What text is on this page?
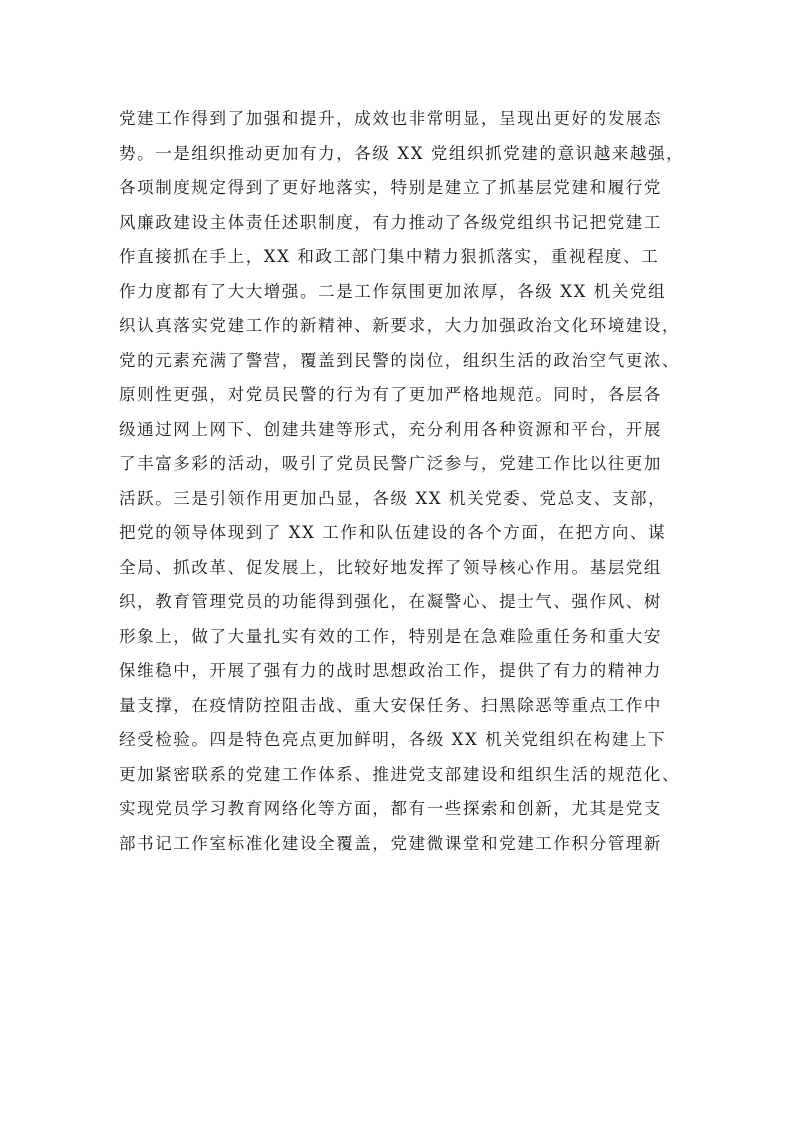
党建工作得到了加强和提升，成效也非常明显，呈现出更好的发展态
势。一是组织推动更加有力，各级 XX 党组织抓党建的意识越来越强，
各项制度规定得到了更好地落实，特别是建立了抓基层党建和履行党
风廉政建设主体责任述职制度，有力推动了各级党组织书记把党建工
作直接抓在手上，XX 和政工部门集中精力狠抓落实，重视程度、工
作力度都有了大大增强。二是工作氛围更加浓厚，各级 XX 机关党组
织认真落实党建工作的新精神、新要求，大力加强政治文化环境建设，
党的元素充满了警营，覆盖到民警的岗位，组织生活的政治空气更浓、
原则性更强，对党员民警的行为有了更加严格地规范。同时，各层各
级通过网上网下、创建共建等形式，充分利用各种资源和平台，开展
了丰富多彩的活动，吸引了党员民警广泛参与，党建工作比以往更加
活跃。三是引领作用更加凸显，各级 XX 机关党委、党总支、支部，
把党的领导体现到了 XX 工作和队伍建设的各个方面，在把方向、谋
全局、抓改革、促发展上，比较好地发挥了领导核心作用。基层党组
织，教育管理党员的功能得到强化，在凝警心、提士气、强作风、树
形象上，做了大量扎实有效的工作，特别是在急难险重任务和重大安
保维稳中，开展了强有力的战时思想政治工作，提供了有力的精神力
量支撑，在疫情防控阻击战、重大安保任务、扫黑除恶等重点工作中
经受检验。四是特色亮点更加鲜明，各级 XX 机关党组织在构建上下
更加紧密联系的党建工作体系、推进党支部建设和组织生活的规范化、
实现党员学习教育网络化等方面，都有一些探索和创新，尤其是党支
部书记工作室标准化建设全覆盖，党建微课堂和党建工作积分管理新
